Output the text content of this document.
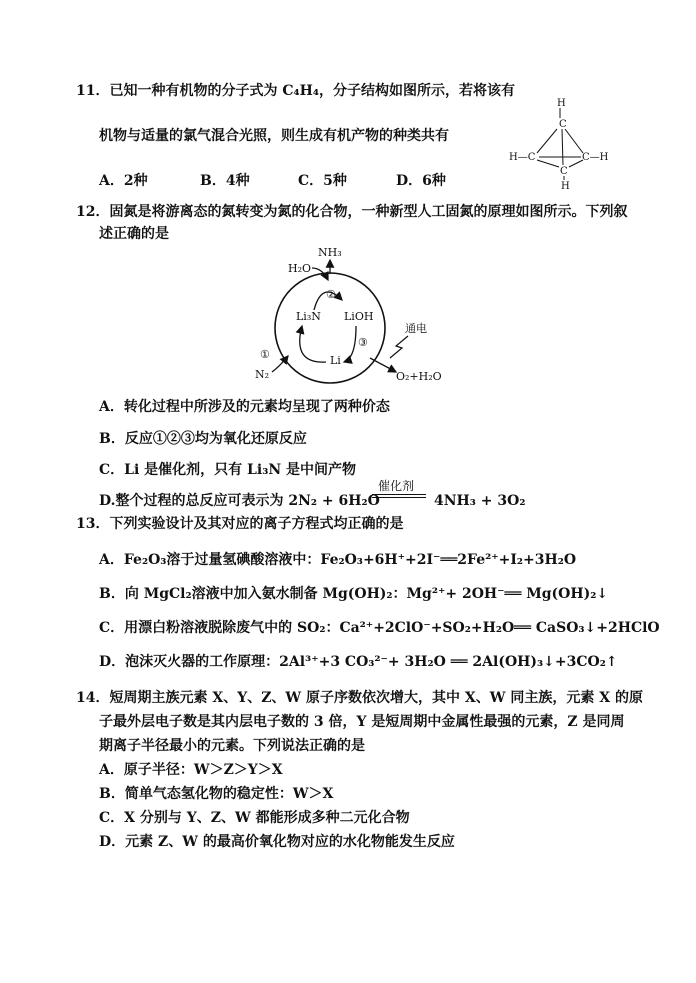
11．已知一种有机物的分子式为 C₄H₄，分子结构如图所示，若将该有
机物与适量的氯气混合光照，则生成有机产物的种类共有
A．2种	B．4种	C．5种	D．6种
H
C
H—C	C—H
C
H
12．固氮是将游离态的氮转变为氮的化合物，一种新型人工固氮的原理如图所示。下列叙
述正确的是
NH₃
H₂O
②
Li₃N LiOH
通电
①
③
Li
N₂	O₂+H₂O
A．转化过程中所涉及的元素均呈现了两种价态
B．反应①②③均为氧化还原反应
C．Li 是催化剂，只有 Li₃N 是中间产物
D.整个过程的总反应可表示为 2N₂ + 6H₂O
催化剂
4NH₃ + 3O₂
13．下列实验设计及其对应的离子方程式均正确的是
A．Fe₂O₃溶于过量氢碘酸溶液中：Fe₂O₃+6H⁺+2I⁻══2Fe²⁺+I₂+3H₂O
B．向 MgCl₂溶液中加入氨水制备 Mg(OH)₂：Mg²⁺+ 2OH⁻══ Mg(OH)₂↓
C．用漂白粉溶液脱除废气中的 SO₂：Ca²⁺+2ClO⁻+SO₂+H₂O══ CaSO₃↓+2HClO
D．泡沫灭火器的工作原理：2Al³⁺+3 CO₃²⁻+ 3H₂O ══ 2Al(OH)₃↓+3CO₂↑
14．短周期主族元素 X、Y、Z、W 原子序数依次增大，其中 X、W 同主族，元素 X 的原
子最外层电子数是其内层电子数的 3 倍，Y 是短周期中金属性最强的元素，Z 是同周
期离子半径最小的元素。下列说法正确的是
A．原子半径：W＞Z＞Y＞X
B．简单气态氢化物的稳定性：W＞X
C．X 分别与 Y、Z、W 都能形成多种二元化合物
D．元素 Z、W 的最高价氧化物对应的水化物能发生反应
